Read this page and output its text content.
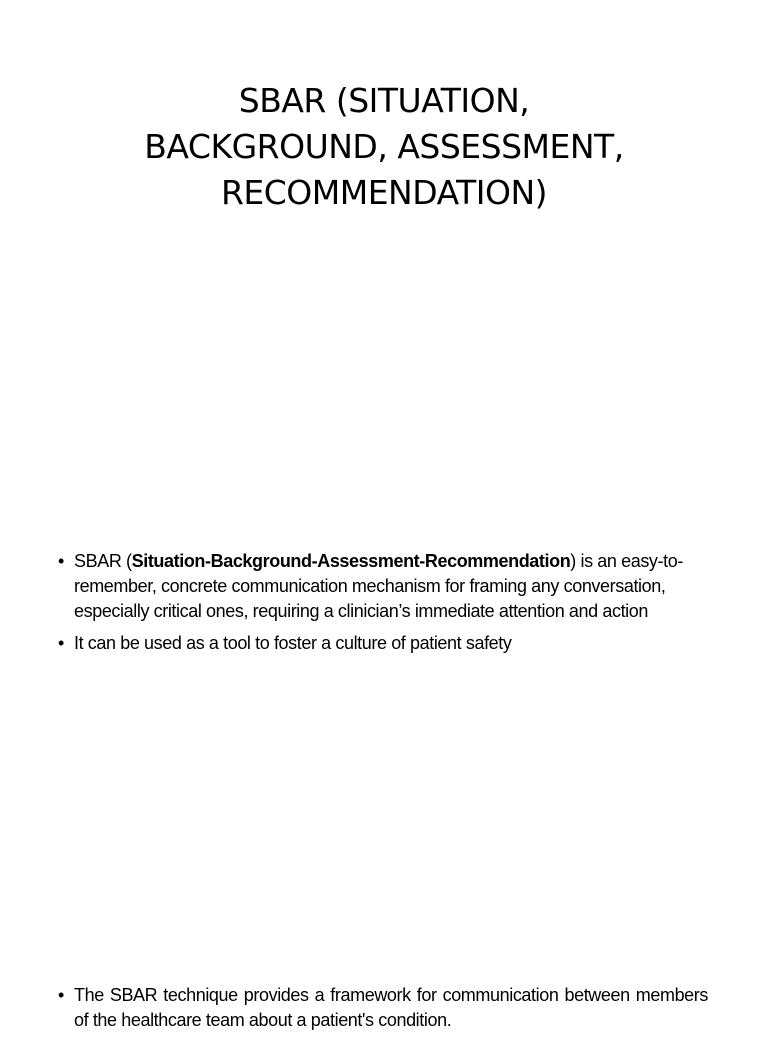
SBAR (SITUATION,
BACKGROUND, ASSESSMENT,
RECOMMENDATION)
• SBAR (Situation-Background-Assessment-Recommendation) is an easy-to-remember, concrete communication mechanism for framing any conversation, especially critical ones, requiring a clinician’s immediate attention and action
• It can be used as a tool to foster a culture of patient safety
• The SBAR technique provides a framework for communication between members of the healthcare team about a patient's condition.
